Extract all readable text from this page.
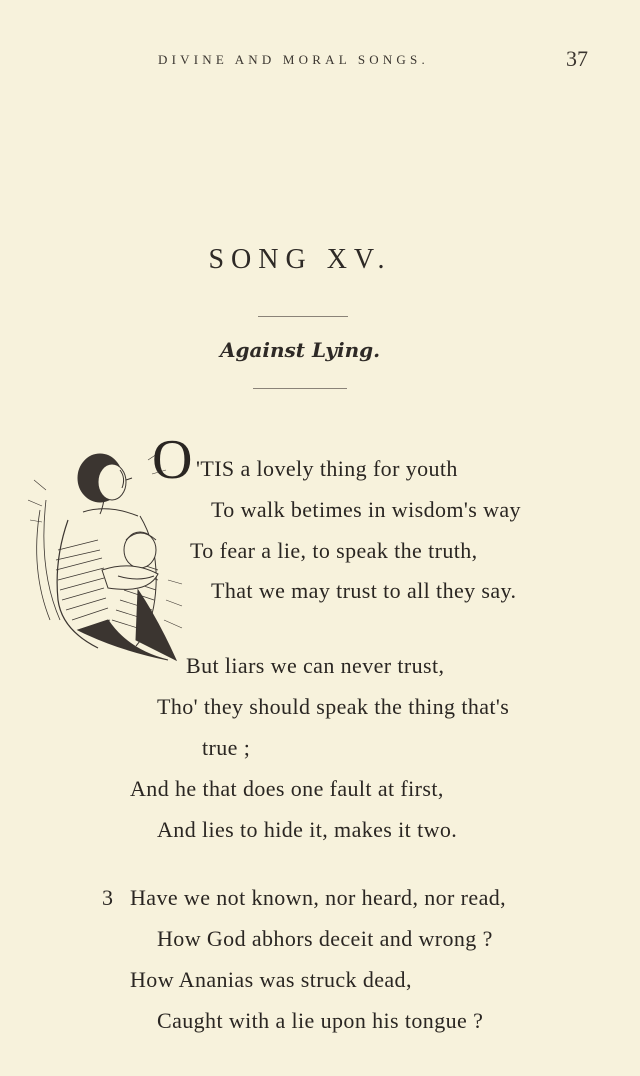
DIVINE AND MORAL SONGS.	37
SONG XV.
Against Lying.
O 'TIS a lovely thing for youth
To walk betimes in wisdom's way
To fear a lie, to speak the truth,
That we may trust to all they say.
But liars we can never trust,
Tho' they should speak the thing that's
true ;
And he that does one fault at first,
And lies to hide it, makes it two.
3 Have we not known, nor heard, nor read,
How God abhors deceit and wrong ?
How Ananias was struck dead,
Caught with a lie upon his tongue ?
